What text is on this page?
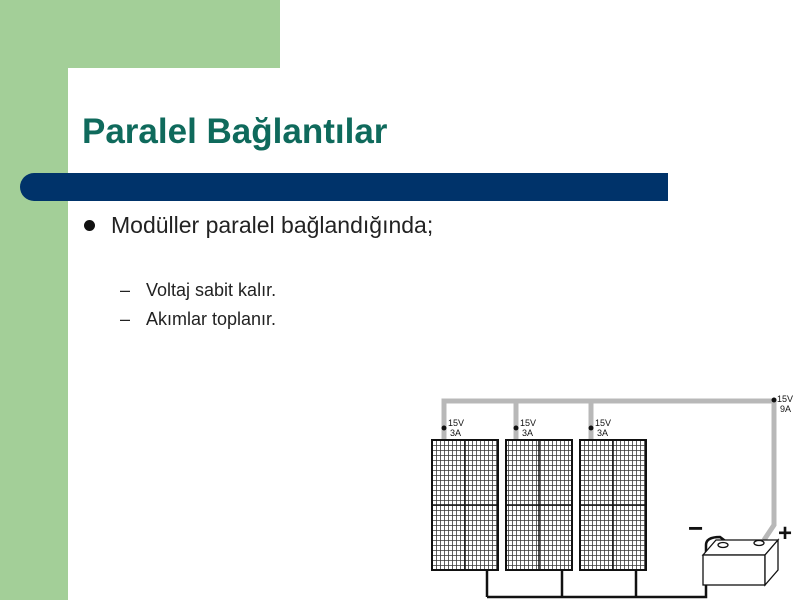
Paralel Bağlantılar
Modüller paralel bağlandığında;
– Voltaj sabit kalır.
– Akımlar toplanır.
15V
3A
15V
3A
15V
3A
15V
9A
−	+
